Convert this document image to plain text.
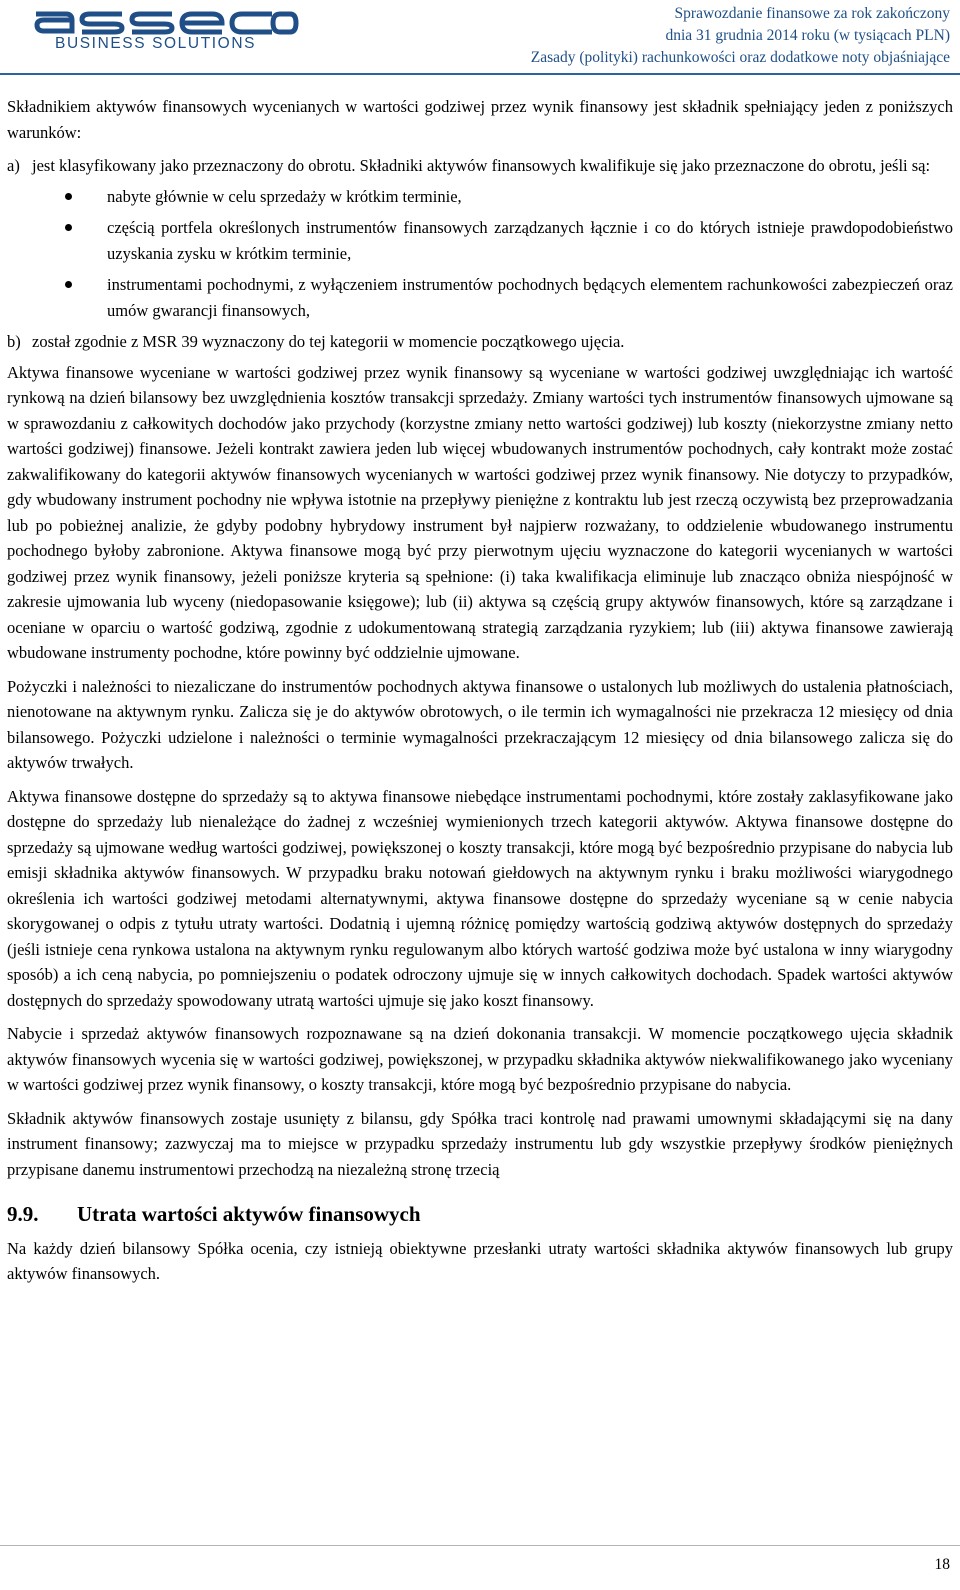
BUSINESS SOLUTIONS
Sprawozdanie finansowe za rok zakończony
dnia 31 grudnia 2014 roku (w tysiącach PLN)
Zasady (polityki) rachunkowości oraz dodatkowe noty objaśniające

Składnikiem aktywów finansowych wycenianych w wartości godziwej przez wynik finansowy jest składnik spełniający jeden z poniższych warunków:

a) jest klasyfikowany jako przeznaczony do obrotu. Składniki aktywów finansowych kwalifikuje się jako przeznaczone do obrotu, jeśli są:
nabyte głównie w celu sprzedaży w krótkim terminie,
częścią portfela określonych instrumentów finansowych zarządzanych łącznie i co do których istnieje prawdopodobieństwo uzyskania zysku w krótkim terminie,
instrumentami pochodnymi, z wyłączeniem instrumentów pochodnych będących elementem rachunkowości zabezpieczeń oraz umów gwarancji finansowych,
b) został zgodnie z MSR 39 wyznaczony do tej kategorii w momencie początkowego ujęcia.

Aktywa finansowe wyceniane w wartości godziwej przez wynik finansowy są wyceniane w wartości godziwej uwzględniając ich wartość rynkową na dzień bilansowy bez uwzględnienia kosztów transakcji sprzedaży. Zmiany wartości tych instrumentów finansowych ujmowane są w sprawozdaniu z całkowitych dochodów jako przychody (korzystne zmiany netto wartości godziwej) lub koszty (niekorzystne zmiany netto wartości godziwej) finansowe. Jeżeli kontrakt zawiera jeden lub więcej wbudowanych instrumentów pochodnych, cały kontrakt może zostać zakwalifikowany do kategorii aktywów finansowych wycenianych w wartości godziwej przez wynik finansowy. Nie dotyczy to przypadków, gdy wbudowany instrument pochodny nie wpływa istotnie na przepływy pieniężne z kontraktu lub jest rzeczą oczywistą bez przeprowadzania lub po pobieżnej analizie, że gdyby podobny hybrydowy instrument był najpierw rozważany, to oddzielenie wbudowanego instrumentu pochodnego byłoby zabronione. Aktywa finansowe mogą być przy pierwotnym ujęciu wyznaczone do kategorii wycenianych w wartości godziwej przez wynik finansowy, jeżeli poniższe kryteria są spełnione: (i) taka kwalifikacja eliminuje lub znacząco obniża niespójność w zakresie ujmowania lub wyceny (niedopasowanie księgowe); lub (ii) aktywa są częścią grupy aktywów finansowych, które są zarządzane i oceniane w oparciu o wartość godziwą, zgodnie z udokumentowaną strategią zarządzania ryzykiem; lub (iii) aktywa finansowe zawierają wbudowane instrumenty pochodne, które powinny być oddzielnie ujmowane.

Pożyczki i należności to niezaliczane do instrumentów pochodnych aktywa finansowe o ustalonych lub możliwych do ustalenia płatnościach, nienotowane na aktywnym rynku. Zalicza się je do aktywów obrotowych, o ile termin ich wymagalności nie przekracza 12 miesięcy od dnia bilansowego. Pożyczki udzielone i należności o terminie wymagalności przekraczającym 12 miesięcy od dnia bilansowego zalicza się do aktywów trwałych.

Aktywa finansowe dostępne do sprzedaży są to aktywa finansowe niebędące instrumentami pochodnymi, które zostały zaklasyfikowane jako dostępne do sprzedaży lub nienależące do żadnej z wcześniej wymienionych trzech kategorii aktywów. Aktywa finansowe dostępne do sprzedaży są ujmowane według wartości godziwej, powiększonej o koszty transakcji, które mogą być bezpośrednio przypisane do nabycia lub emisji składnika aktywów finansowych. W przypadku braku notowań giełdowych na aktywnym rynku i braku możliwości wiarygodnego określenia ich wartości godziwej metodami alternatywnymi, aktywa finansowe dostępne do sprzedaży wyceniane są w cenie nabycia skorygowanej o odpis z tytułu utraty wartości. Dodatnią i ujemną różnicę pomiędzy wartością godziwą aktywów dostępnych do sprzedaży (jeśli istnieje cena rynkowa ustalona na aktywnym rynku regulowanym albo których wartość godziwa może być ustalona w inny wiarygodny sposób) a ich ceną nabycia, po pomniejszeniu o podatek odroczony ujmuje się w innych całkowitych dochodach. Spadek wartości aktywów dostępnych do sprzedaży spowodowany utratą wartości ujmuje się jako koszt finansowy.

Nabycie i sprzedaż aktywów finansowych rozpoznawane są na dzień dokonania transakcji. W momencie początkowego ujęcia składnik aktywów finansowych wycenia się w wartości godziwej, powiększonej, w przypadku składnika aktywów niekwalifikowanego jako wyceniany w wartości godziwej przez wynik finansowy, o koszty transakcji, które mogą być bezpośrednio przypisane do nabycia.

Składnik aktywów finansowych zostaje usunięty z bilansu, gdy Spółka traci kontrolę nad prawami umownymi składającymi się na dany instrument finansowy; zazwyczaj ma to miejsce w przypadku sprzedaży instrumentu lub gdy wszystkie przepływy środków pieniężnych przypisane danemu instrumentowi przechodzą na niezależną stronę trzecią

9.9.	Utrata wartości aktywów finansowych

Na każdy dzień bilansowy Spółka ocenia, czy istnieją obiektywne przesłanki utraty wartości składnika aktywów finansowych lub grupy aktywów finansowych.

18
